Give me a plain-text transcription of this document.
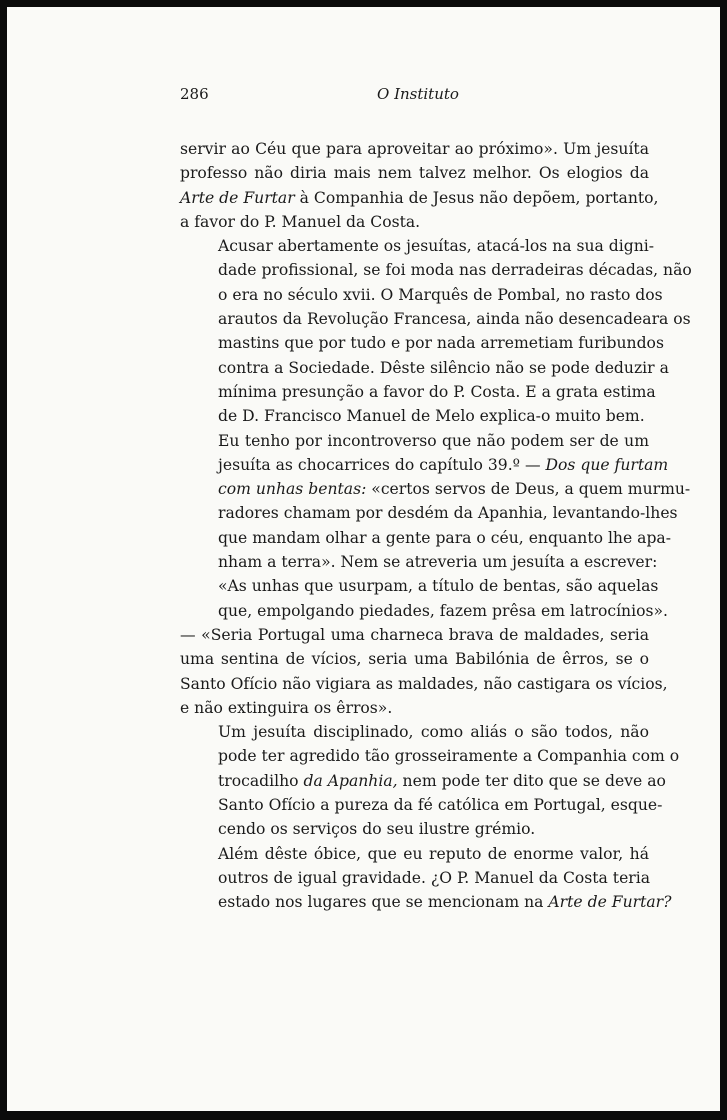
286	O Instituto

servir ao Céu que para aproveitar ao próximo». Um jesuíta
professo não diria mais nem talvez melhor. Os elogios da
Arte de Furtar à Companhia de Jesus não depõem, portanto,
a favor do P. Manuel da Costa.

Acusar abertamente os jesuítas, atacá-los na sua digni-
dade profissional, se foi moda nas derradeiras décadas, não
o era no século xvii. O Marquês de Pombal, no rasto dos
arautos da Revolução Francesa, ainda não desencadeara os
mastins que por tudo e por nada arremetiam furibundos
contra a Sociedade. Dêste silêncio não se pode deduzir a
mínima presunção a favor do P. Costa. E a grata estima
de D. Francisco Manuel de Melo explica-o muito bem.

Eu tenho por incontroverso que não podem ser de um
jesuíta as chocarrices do capítulo 39.º — Dos que furtam
com unhas bentas: «certos servos de Deus, a quem murmu-
radores chamam por desdém da Apanhia, levantando-lhes
que mandam olhar a gente para o céu, enquanto lhe apa-
nham a terra». Nem se atreveria um jesuíta a escrever:
«As unhas que usurpam, a título de bentas, são aquelas
que, empolgando piedades, fazem prêsa em latrocínios».

— «Seria Portugal uma charneca brava de maldades, seria
uma sentina de vícios, seria uma Babilónia de êrros, se o
Santo Ofício não vigiara as maldades, não castigara os vícios,
e não extinguira os êrros».

Um jesuíta disciplinado, como aliás o são todos, não
pode ter agredido tão grosseiramente a Companhia com o
trocadilho da Apanhia, nem pode ter dito que se deve ao
Santo Ofício a pureza da fé católica em Portugal, esque-
cendo os serviços do seu ilustre grémio.

Além dêste óbice, que eu reputo de enorme valor, há
outros de igual gravidade. ¿O P. Manuel da Costa teria
estado nos lugares que se mencionam na Arte de Furtar?
